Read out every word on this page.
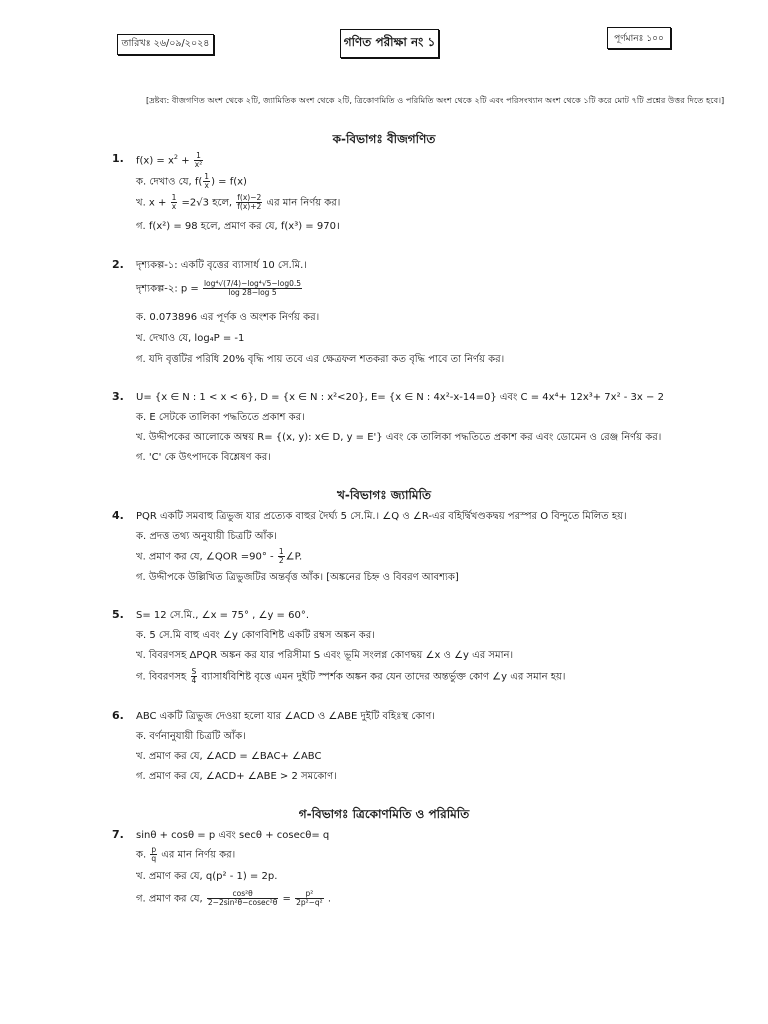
তারিখঃ ২৬/০৯/২০২৪	গণিত পরীক্ষা নং ১	পূর্ণমানঃ ১০০
[দ্রষ্টব্য: বীজগণিত অংশ থেকে ২টি, জ্যামিতিক অংশ থেকে ২টি, ত্রিকোণমিতি ও পরিমিতি অংশ থেকে ২টি এবং পরিসংখ্যান অংশ থেকে ১টি করে মোট ৭টি প্রশ্নের উত্তর দিতে হবে।]
ক-বিভাগঃ বীজগণিত
1. $f(x) = x^2 + \frac{1}{\text{x²}}$
ক. দেখাও যে, $f( \frac{1}{x}$ ) = f(x)
খ. $x + \frac{1}{x} =2√3$ হলে, $\frac{f(x)-2}{f(x)+2}$ এর মান নির্ণয় কর।
গ. f(x²) = 98 হলে, প্রমাণ কর যে, f(x³) = 970।
2. দৃশ্যকল্প-১: একটি বৃত্তের ব্যাসার্ধ 10 সে.মি.।
দৃশ্যকল্প-২: $p = \frac{\text{log⁴√(7/4)−log⁴√5−log0.5}}{\log 28-\log 5}$
ক. 0.073896 এর পূর্ণক ও অংশক নির্ণয় কর।
খ. দেখাও যে, log₄P = -1
গ. যদি বৃত্তটির পরিধি 20% বৃদ্ধি পায় তবে এর ক্ষেত্রফল শতকরা কত বৃদ্ধি পাবে তা নির্ণয় কর।
3. U= {x ∈ N : 1 < x < 6}, D = {x ∈ N : x²<20}, E= {x ∈ N : 4x²-x-14=0} এবং C = 4x⁴+ 12x³+ 7x² - 3x − 2
ক. E সেটকে তালিকা পদ্ধতিতে প্রকাশ কর।
খ. উদ্দীপকের আলোকে অম্বয় R= {(x, y): x∈ D, y = E'} এবং কে তালিকা পদ্ধতিতে প্রকাশ কর এবং ডোমেন ও রেঞ্জ নির্ণয় কর।
গ. 'C' কে উৎপাদকে বিশ্লেষণ কর।
খ-বিভাগঃ জ্যামিতি
4. PQR একটি সমবাহু ত্রিভুজ যার প্রত্যেক বাহুর দৈর্ঘ্য 5 সে.মি.। ∠Q ও ∠R-এর বহির্দ্বিখণ্ডকদ্বয় পরস্পর O বিন্দুতে মিলিত হয়।
ক. প্রদত্ত তথ্য অনুযায়ী চিত্রটি আঁক।
খ. প্রমাণ কর যে, ∠QOR $=90^\circ - \frac{1}{2}$ ∠P.
গ. উদ্দীপকে উল্লিখিত ত্রিভুজটির অন্তর্বৃত্ত আঁক। [অঙ্কনের চিহ্ন ও বিবরণ আবশ্যক]
5. S= 12 সে.মি., ∠x = 75° , ∠y = 60°.
ক. 5 সে.মি বাহু এবং ∠y কোণবিশিষ্ট একটি রম্বস অঙ্কন কর।
খ. বিবরণসহ ΔPQR অঙ্কন কর যার পরিসীমা S এবং ভূমি সংলগ্ন কোণদ্বয় ∠x ও ∠y এর সমান।
গ. বিবরণসহ $\frac{S}{4}$ ব্যাসার্ধবিশিষ্ট বৃত্তে এমন দুইটি স্পর্শক অঙ্কন কর যেন তাদের অন্তর্ভুক্ত কোণ ∠y এর সমান হয়।
6. ABC একটি ত্রিভুজ দেওয়া হলো যার ∠ACD ও ∠ABE দুইটি বহিঃস্থ কোণ।
ক. বর্ণনানুযায়ী চিত্রটি আঁক।
খ. প্রমাণ কর যে, ∠ACD = ∠BAC+ ∠ABC
গ. প্রমাণ কর যে, ∠ACD+ ∠ABE > 2 সমকোণ।
গ-বিভাগঃ ত্রিকোণমিতি ও পরিমিতি
7. sinθ + cosθ = p এবং secθ + cosecθ= q
ক. $\frac{p}{q}$ এর মান নির্ণয় কর।
খ. প্রমাণ কর যে, q(p² - 1) = 2p.
গ. প্রমাণ কর যে, $\frac{\text{cos²θ}}{\text{2−2sin²θ−cosec²θ}} = \frac{\text{p²}}{\text{2p²−q²}}$ .
